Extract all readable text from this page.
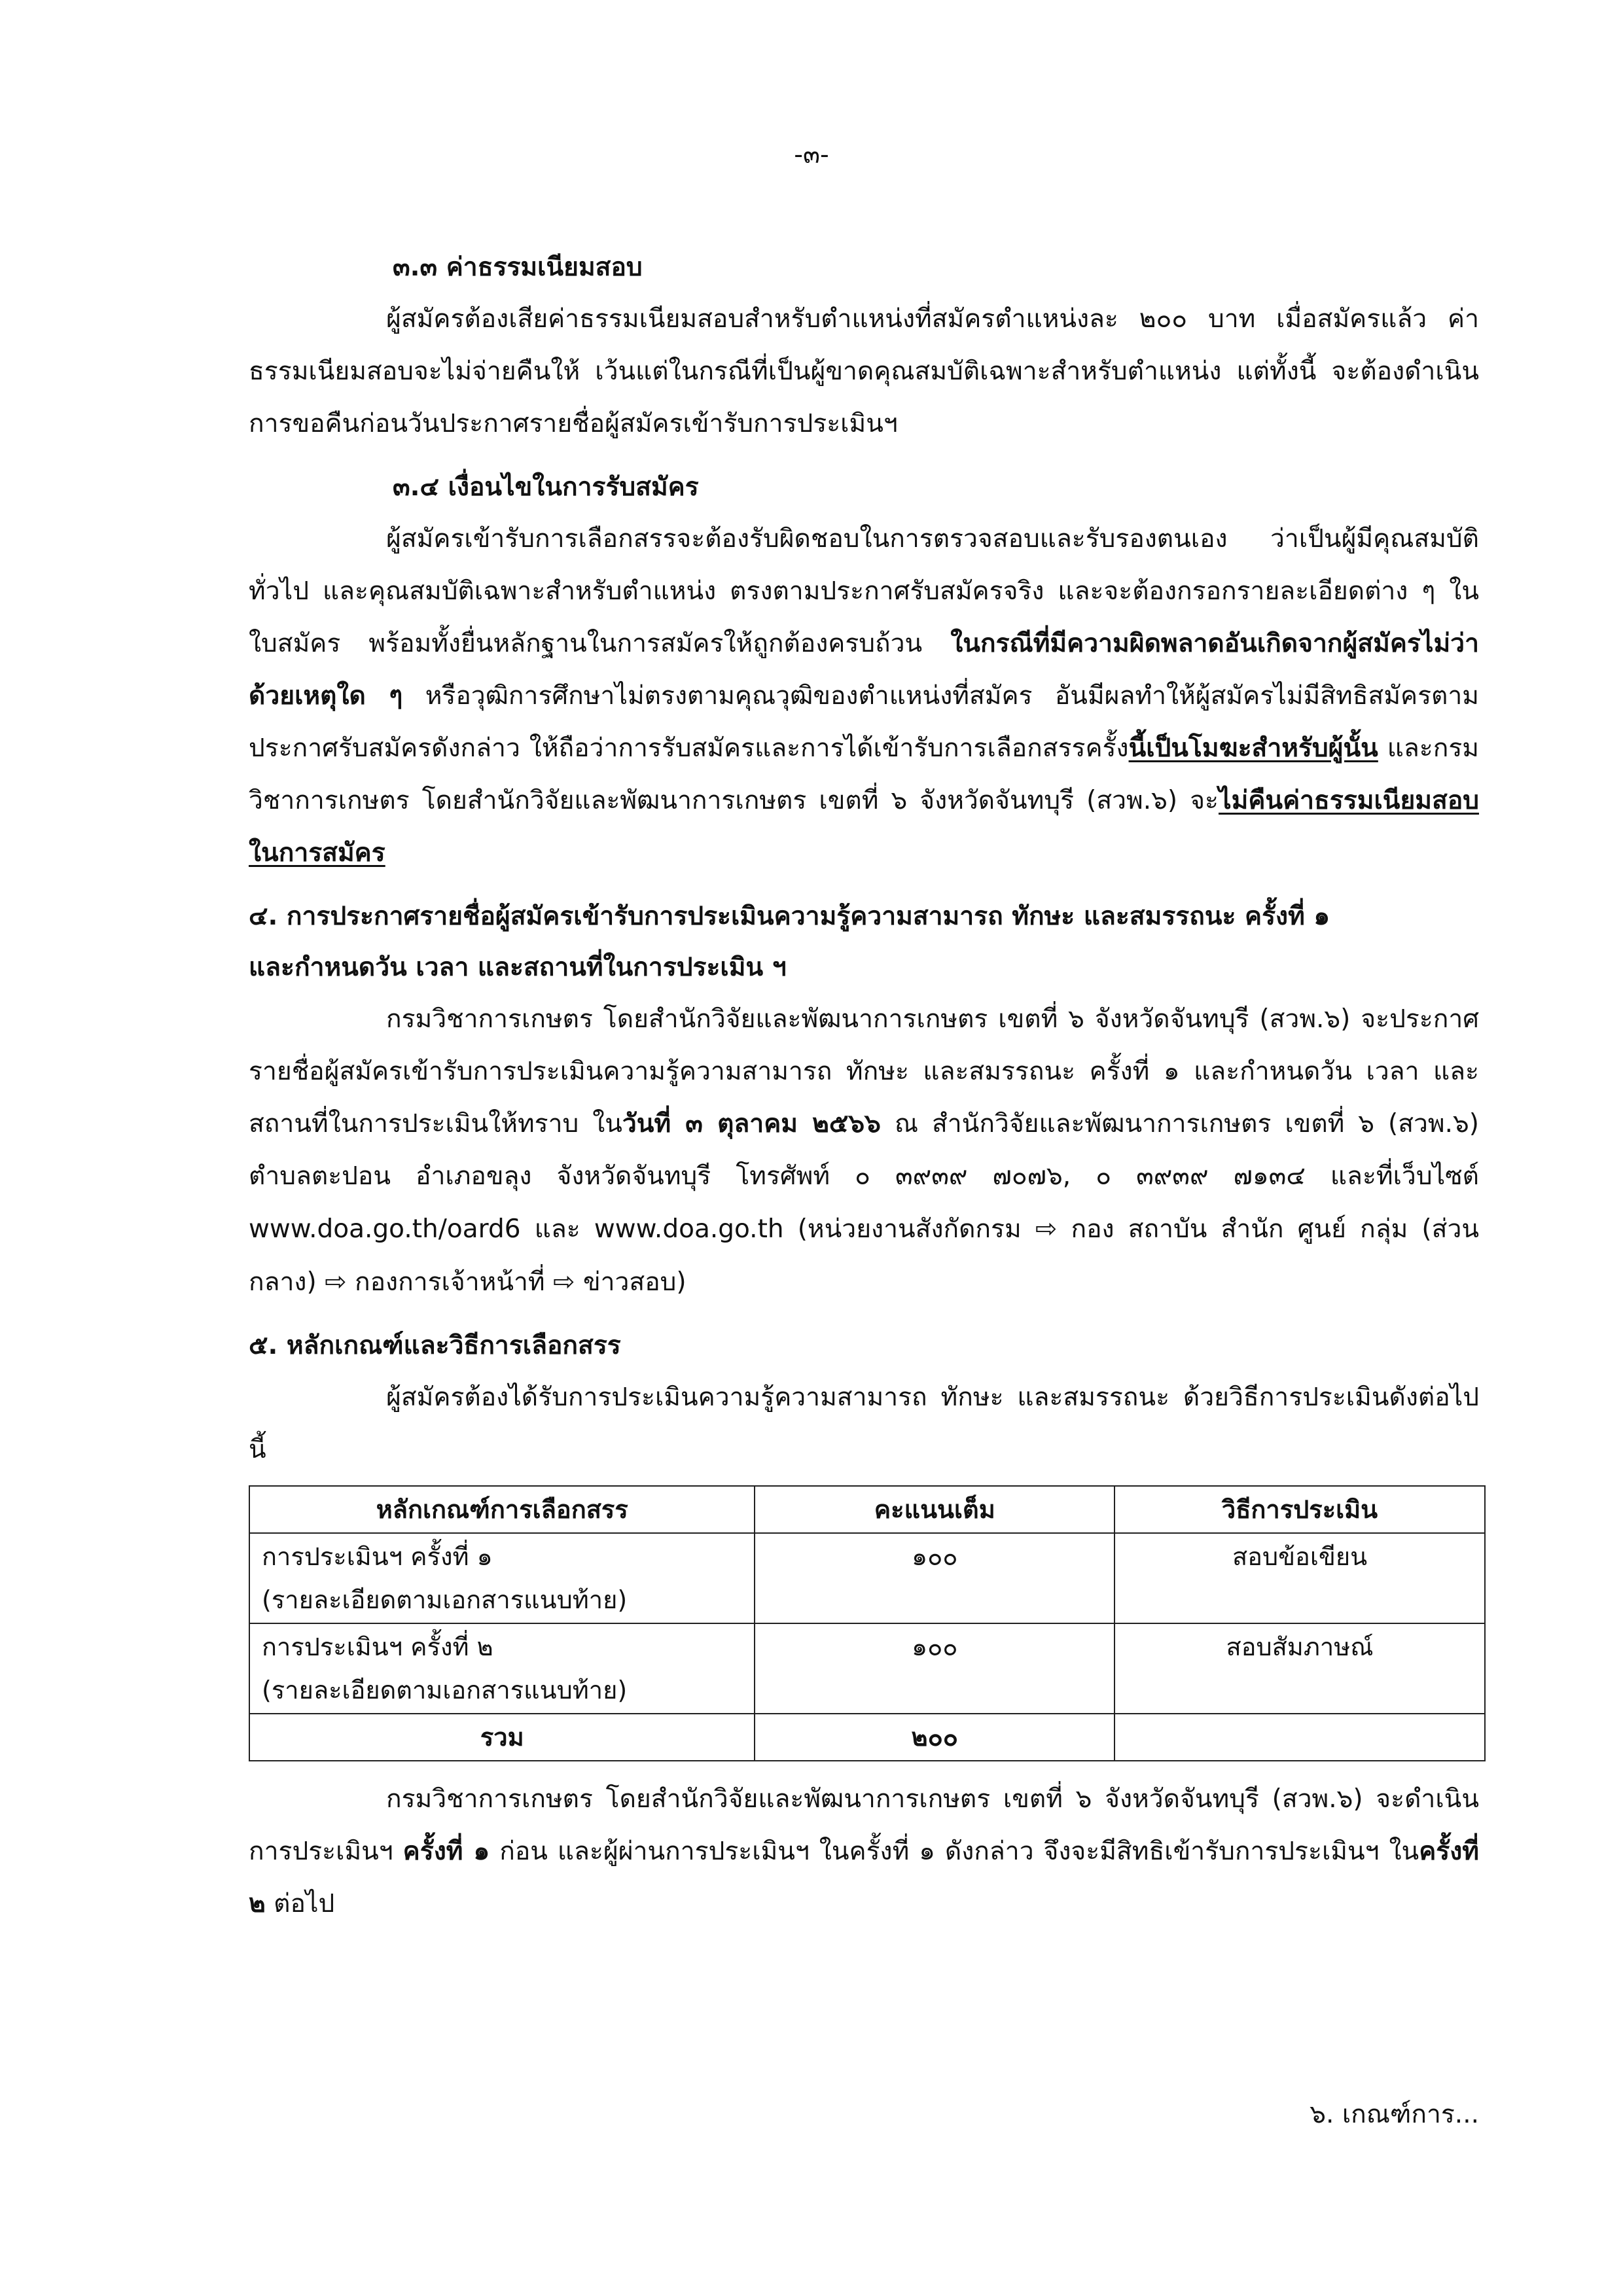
-๓-

๓.๓ ค่าธรรมเนียมสอบ

ผู้สมัครต้องเสียค่าธรรมเนียมสอบสำหรับตำแหน่งที่สมัครตำแหน่งละ ๒๐๐ บาท เมื่อสมัครแล้ว ค่าธรรมเนียมสอบจะไม่จ่ายคืนให้ เว้นแต่ในกรณีที่เป็นผู้ขาดคุณสมบัติเฉพาะสำหรับตำแหน่ง แต่ทั้งนี้ จะต้องดำเนินการขอคืนก่อนวันประกาศรายชื่อผู้สมัครเข้ารับการประเมินฯ

๓.๔ เงื่อนไขในการรับสมัคร

ผู้สมัครเข้ารับการเลือกสรรจะต้องรับผิดชอบในการตรวจสอบและรับรองตนเอง ว่าเป็นผู้มีคุณสมบัติทั่วไป และคุณสมบัติเฉพาะสำหรับตำแหน่ง ตรงตามประกาศรับสมัครจริง และจะต้องกรอกรายละเอียดต่าง ๆ ในใบสมัคร พร้อมทั้งยื่นหลักฐานในการสมัครให้ถูกต้องครบถ้วน ในกรณีที่มีความผิดพลาดอันเกิดจากผู้สมัครไม่ว่าด้วยเหตุใด ๆ หรือวุฒิการศึกษาไม่ตรงตามคุณวุฒิของตำแหน่งที่สมัคร อันมีผลทำให้ผู้สมัครไม่มีสิทธิสมัครตามประกาศรับสมัครดังกล่าว ให้ถือว่าการรับสมัครและการได้เข้ารับการเลือกสรรครั้งนี้เป็นโมฆะสำหรับผู้นั้น และกรมวิชาการเกษตร โดยสำนักวิจัยและพัฒนาการเกษตร เขตที่ ๖ จังหวัดจันทบุรี (สวพ.๖) จะไม่คืนค่าธรรมเนียมสอบในการสมัคร

๔. การประกาศรายชื่อผู้สมัครเข้ารับการประเมินความรู้ความสามารถ ทักษะ และสมรรถนะ ครั้งที่ ๑

และกำหนดวัน เวลา และสถานที่ในการประเมิน ฯ

กรมวิชาการเกษตร โดยสำนักวิจัยและพัฒนาการเกษตร เขตที่ ๖ จังหวัดจันทบุรี (สวพ.๖) จะประกาศรายชื่อผู้สมัครเข้ารับการประเมินความรู้ความสามารถ ทักษะ และสมรรถนะ ครั้งที่ ๑ และกำหนดวัน เวลา และสถานที่ในการประเมินให้ทราบ ในวันที่ ๓ ตุลาคม ๒๕๖๖ ณ สำนักวิจัยและพัฒนาการเกษตร เขตที่ ๖ (สวพ.๖) ตำบลตะปอน อำเภอขลุง จังหวัดจันทบุรี โทรศัพท์ ๐ ๓๙๓๙ ๗๐๗๖, ๐ ๓๙๓๙ ๗๑๓๔ และที่เว็บไซต์ www.doa.go.th/oard6 และ www.doa.go.th (หน่วยงานสังกัดกรม ⇨ กอง สถาบัน สำนัก ศูนย์ กลุ่ม (ส่วนกลาง) ⇨ กองการเจ้าหน้าที่ ⇨ ข่าวสอบ)

๕. หลักเกณฑ์และวิธีการเลือกสรร

ผู้สมัครต้องได้รับการประเมินความรู้ความสามารถ ทักษะ และสมรรถนะ ด้วยวิธีการประเมินดังต่อไปนี้

หลักเกณฑ์การเลือกสรร	คะแนนเต็ม	วิธีการประเมิน

การประเมินฯ ครั้งที่ ๑
(รายละเอียดตามเอกสารแนบท้าย)	๑๐๐	สอบข้อเขียน

การประเมินฯ ครั้งที่ ๒
(รายละเอียดตามเอกสารแนบท้าย)	๑๐๐	สอบสัมภาษณ์
รวม	๒๐๐	

กรมวิชาการเกษตร โดยสำนักวิจัยและพัฒนาการเกษตร เขตที่ ๖ จังหวัดจันทบุรี (สวพ.๖) จะดำเนินการประเมินฯ ครั้งที่ ๑ ก่อน และผู้ผ่านการประเมินฯ ในครั้งที่ ๑ ดังกล่าว จึงจะมีสิทธิเข้ารับการประเมินฯ ในครั้งที่ ๒ ต่อไป

๖. เกณฑ์การ...
